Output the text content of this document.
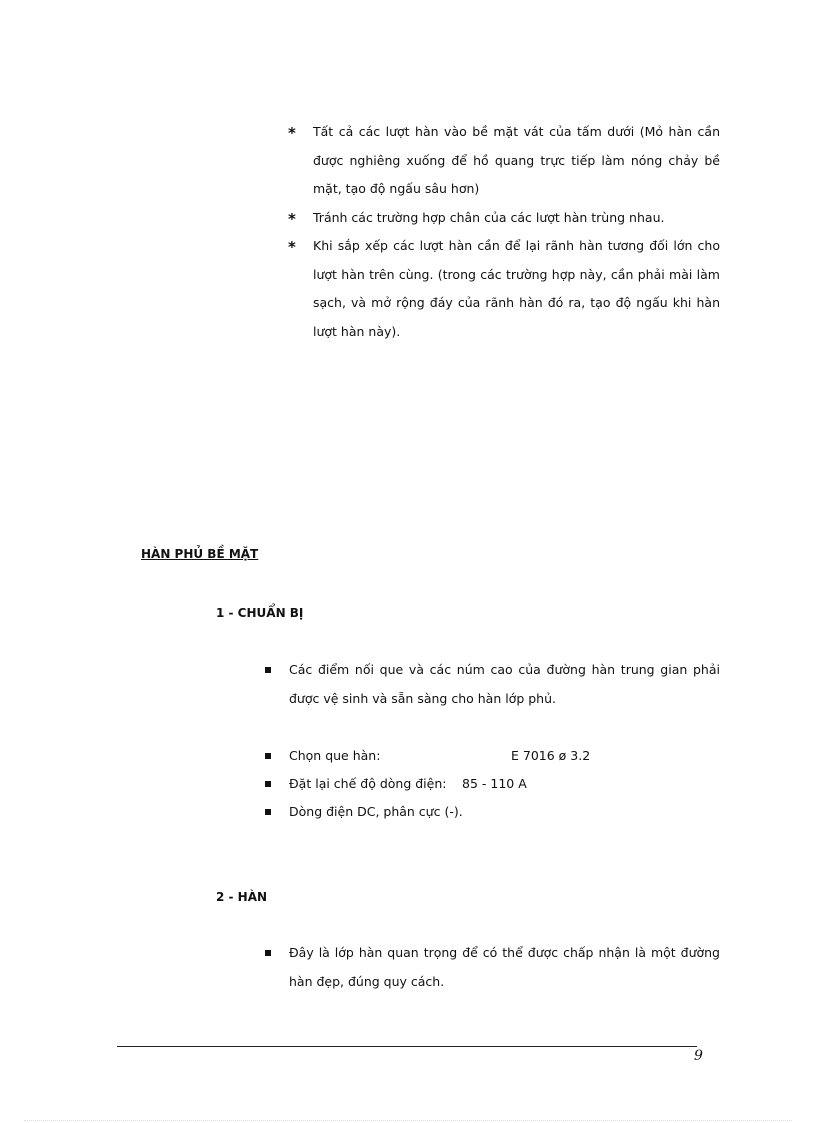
* Tất cả các lượt hàn vào bề mặt vát của tấm dưới (Mỏ hàn cần được nghiêng xuống để hồ quang trực tiếp làm nóng chảy bề mặt, tạo độ ngấu sâu hơn)
* Tránh các trường hợp chân của các lượt hàn trùng nhau.
* Khi sắp xếp các lượt hàn cần để lại rãnh hàn tương đối lớn cho lượt hàn trên cùng. (trong các trường hợp này, cần phải mài làm sạch, và mở rộng đáy của rãnh hàn đó ra, tạo độ ngấu khi hàn lượt hàn này).
HÀN PHỦ BỀ MẶT
1 - CHUẨN BỊ
Các điểm nối que và các núm cao của đường hàn trung gian phải được vệ sinh và sẵn sàng cho hàn lớp phủ.
Chọn que hàn:	E 7016 ø 3.2
Đặt lại chế độ dòng điện: 85 - 110 A
Dòng điện DC, phân cực (-).
2 - HÀN
Đây là lớp hàn quan trọng để có thể được chấp nhận là một đường hàn đẹp, đúng quy cách.
9
